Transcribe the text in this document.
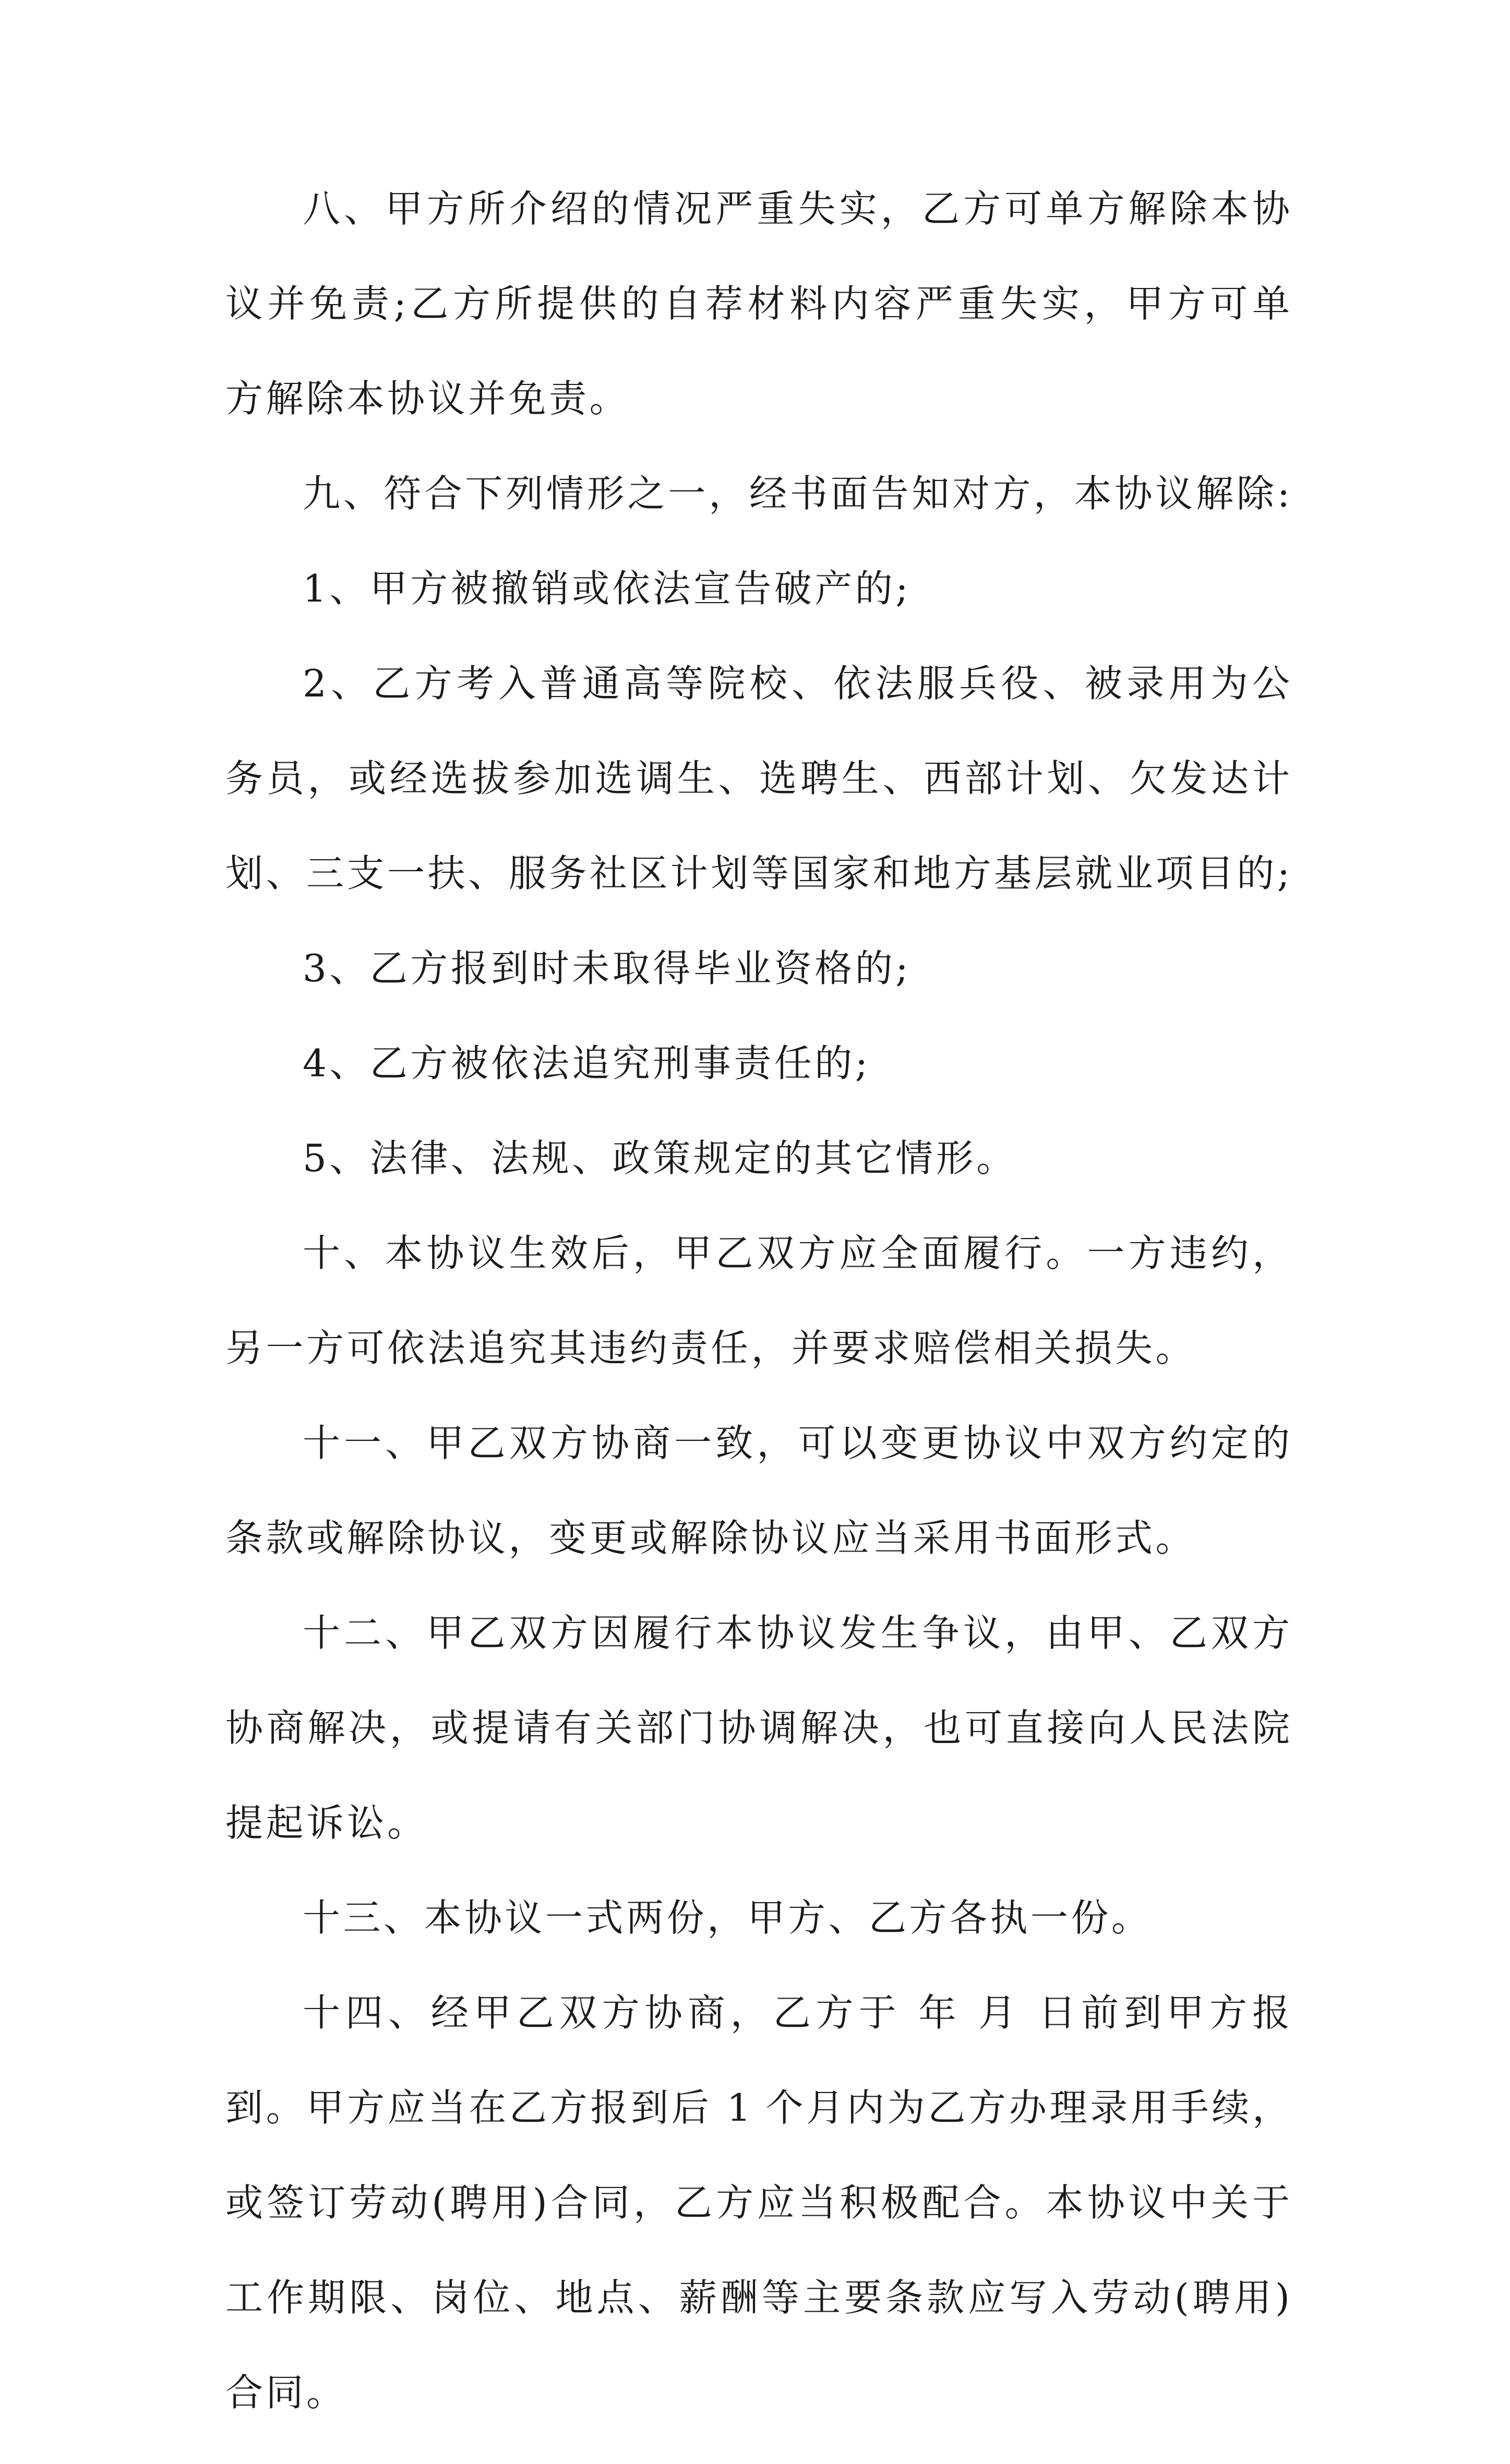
八、甲方所介绍的情况严重失实，乙方可单方解除本协
议并免责;乙方所提供的自荐材料内容严重失实，甲方可单
方解除本协议并免责。
九、符合下列情形之一，经书面告知对方，本协议解除:
1、甲方被撤销或依法宣告破产的;
2、乙方考入普通高等院校、依法服兵役、被录用为公
务员，或经选拔参加选调生、选聘生、西部计划、欠发达计
划、三支一扶、服务社区计划等国家和地方基层就业项目的;
3、乙方报到时未取得毕业资格的;
4、乙方被依法追究刑事责任的;
5、法律、法规、政策规定的其它情形。
十、本协议生效后，甲乙双方应全面履行。一方违约，
另一方可依法追究其违约责任，并要求赔偿相关损失。
十一、甲乙双方协商一致，可以变更协议中双方约定的
条款或解除协议，变更或解除协议应当采用书面形式。
十二、甲乙双方因履行本协议发生争议，由甲、乙双方
协商解决，或提请有关部门协调解决，也可直接向人民法院
提起诉讼。
十三、本协议一式两份，甲方、乙方各执一份。
十四、经甲乙双方协商，乙方于 年 月 日前到甲方报
到。甲方应当在乙方报到后 1 个月内为乙方办理录用手续，
或签订劳动(聘用)合同，乙方应当积极配合。本协议中关于
工作期限、岗位、地点、薪酬等主要条款应写入劳动(聘用)
合同。
